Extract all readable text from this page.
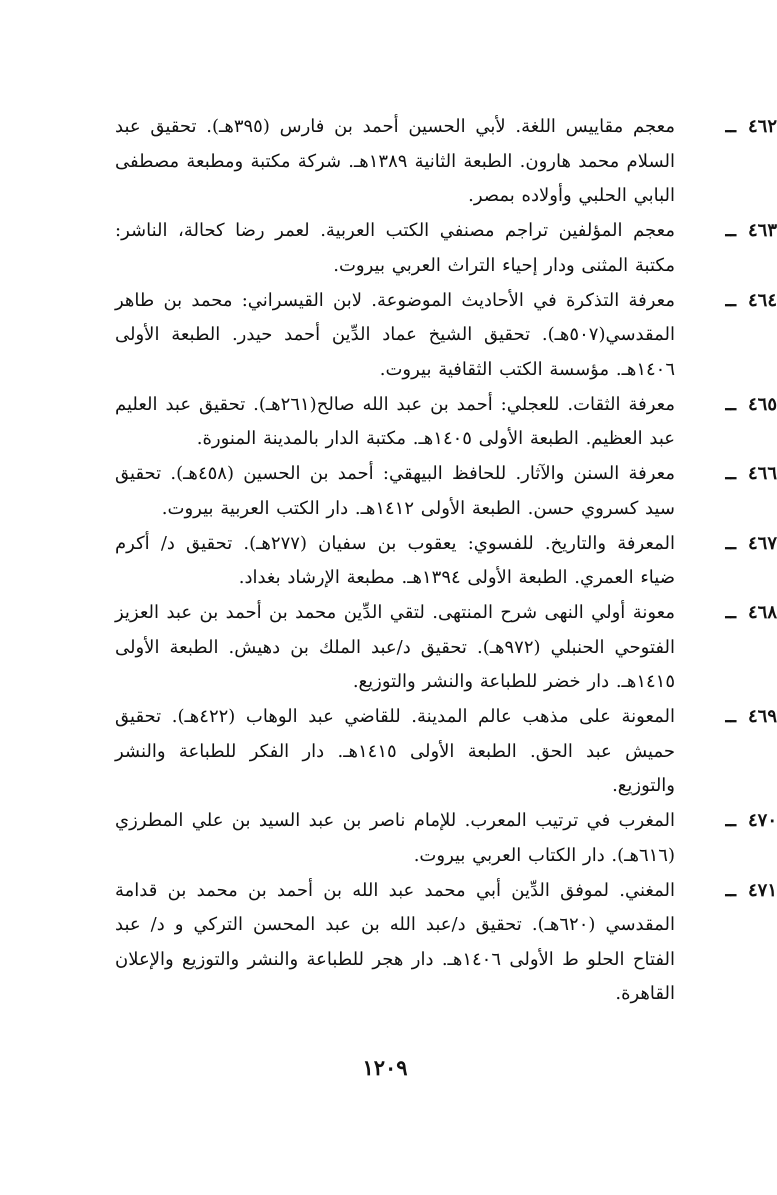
٤٦٢ــ
معجم مقاييس اللغة. لأبي الحسين أحمد بن فارس (٣٩٥هـ). تحقيق عبد السلام محمد هارون. الطبعة الثانية ١٣٨٩هـ. شركة مكتبة ومطبعة مصطفى البابي الحلبي وأولاده بمصر.
٤٦٣ــ
معجم المؤلفين تراجم مصنفي الكتب العربية. لعمر رضا كحالة، الناشر: مكتبة المثنى ودار إحياء التراث العربي بيروت.
٤٦٤ــ
معرفة التذكرة في الأحاديث الموضوعة. لابن القيسراني: محمد بن طاهر المقدسي(٥٠٧هـ). تحقيق الشيخ عماد الدِّين أحمد حيدر. الطبعة الأولى ١٤٠٦هـ. مؤسسة الكتب الثقافية بيروت.
٤٦٥ــ
معرفة الثقات. للعجلي: أحمد بن عبد الله صالح(٢٦١هـ). تحقيق عبد العليم عبد العظيم. الطبعة الأولى ١٤٠٥هـ. مكتبة الدار بالمدينة المنورة.
٤٦٦ــ
معرفة السنن والآثار. للحافظ البيهقي: أحمد بن الحسين (٤٥٨هـ). تحقيق سيد كسروي حسن. الطبعة الأولى ١٤١٢هـ. دار الكتب العربية بيروت.
٤٦٧ــ
المعرفة والتاريخ. للفسوي: يعقوب بن سفيان (٢٧٧هـ). تحقيق د/ أكرم ضياء العمري. الطبعة الأولى ١٣٩٤هـ. مطبعة الإرشاد بغداد.
٤٦٨ــ
معونة أولي النهى شرح المنتهى. لتقي الدِّين محمد بن أحمد بن عبد العزيز الفتوحي الحنبلي (٩٧٢هـ). تحقيق د/عبد الملك بن دهيش. الطبعة الأولى ١٤١٥هـ. دار خضر للطباعة والنشر والتوزيع.
٤٦٩ــ
المعونة على مذهب عالم المدينة. للقاضي عبد الوهاب (٤٢٢هـ). تحقيق حميش عبد الحق. الطبعة الأولى ١٤١٥هـ. دار الفكر للطباعة والنشر والتوزيع.
٤٧٠ــ
المغرب في ترتيب المعرب. للإمام ناصر بن عبد السيد بن علي المطرزي (٦١٦هـ). دار الكتاب العربي بيروت.
٤٧١ــ
المغني. لموفق الدِّين أبي محمد عبد الله بن أحمد بن محمد بن قدامة المقدسي (٦٢٠هـ). تحقيق د/عبد الله بن عبد المحسن التركي و د/ عبد الفتاح الحلو ط الأولى ١٤٠٦هـ. دار هجر للطباعة والنشر والتوزيع والإعلان القاهرة.
١٢٠٩
